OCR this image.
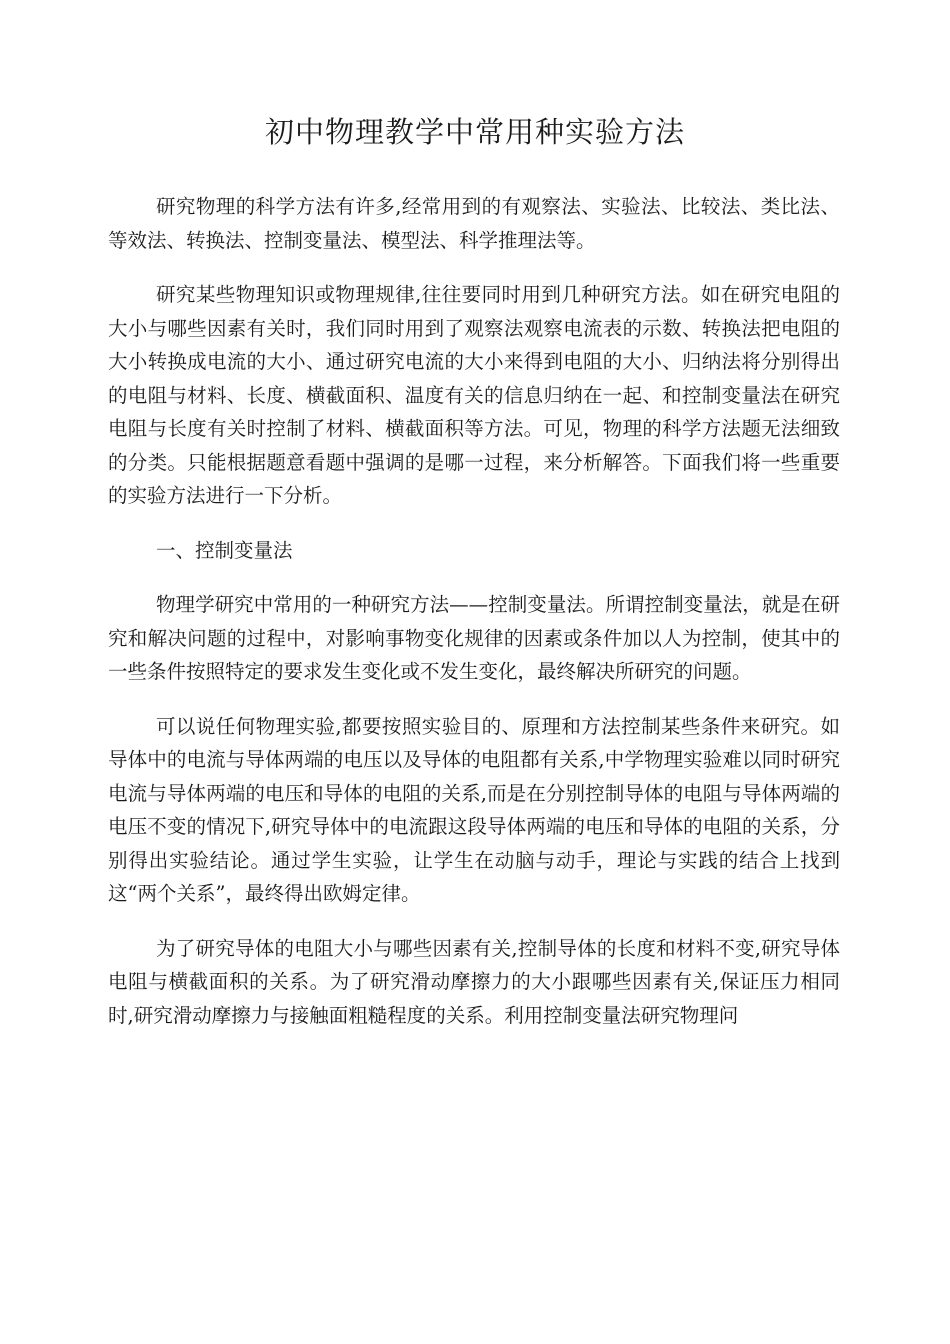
初中物理教学中常用种实验方法

研究物理的科学方法有许多,经常用到的有观察法、实验法、比较法、类比法、等效法、转换法、控制变量法、模型法、科学推理法等。

研究某些物理知识或物理规律,往往要同时用到几种研究方法。如在研究电阻的大小与哪些因素有关时，我们同时用到了观察法观察电流表的示数、转换法把电阻的大小转换成电流的大小、通过研究电流的大小来得到电阻的大小、归纳法将分别得出的电阻与材料、长度、横截面积、温度有关的信息归纳在一起、和控制变量法在研究电阻与长度有关时控制了材料、横截面积等方法。可见，物理的科学方法题无法细致的分类。只能根据题意看题中强调的是哪一过程，来分析解答。下面我们将一些重要的实验方法进行一下分析。

一、控制变量法

物理学研究中常用的一种研究方法——控制变量法。所谓控制变量法，就是在研究和解决问题的过程中，对影响事物变化规律的因素或条件加以人为控制，使其中的一些条件按照特定的要求发生变化或不发生变化，最终解决所研究的问题。

可以说任何物理实验,都要按照实验目的、原理和方法控制某些条件来研究。如导体中的电流与导体两端的电压以及导体的电阻都有关系,中学物理实验难以同时研究电流与导体两端的电压和导体的电阻的关系,而是在分别控制导体的电阻与导体两端的电压不变的情况下,研究导体中的电流跟这段导体两端的电压和导体的电阻的关系，分别得出实验结论。通过学生实验，让学生在动脑与动手，理论与实践的结合上找到这“两个关系”，最终得出欧姆定律。

为了研究导体的电阻大小与哪些因素有关,控制导体的长度和材料不变,研究导体电阻与横截面积的关系。为了研究滑动摩擦力的大小跟哪些因素有关,保证压力相同时,研究滑动摩擦力与接触面粗糙程度的关系。利用控制变量法研究物理问
